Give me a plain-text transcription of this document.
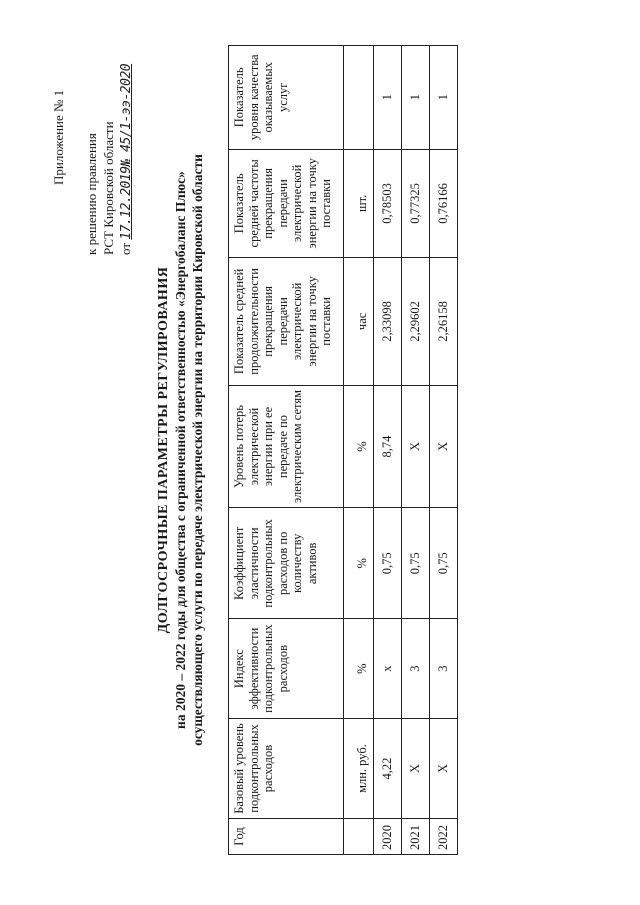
Приложение № 1 к решению правления РСТ Кировской области от 17.12.2019№ 45/1-ээ-2020
ДОЛГОСРОЧНЫЕ ПАРАМЕТРЫ РЕГУЛИРОВАНИЯ на 2020 – 2022 годы для общества с ограниченной ответственностью «Энергобаланс Плюс» осуществляющего услуги по передаче электрической энергии на территории Кировской области
Год	Базовый уровень подконтрольных расходов	Индекс эффективности подконтрольных расходов	Коэффициент эластичности подконтрольных расходов по количеству активов	Уровень потерь электрической энергии при ее передаче по электрическим сетям	Показатель средней продолжительности прекращения передачи электрической энергии на точку поставки	Показатель средней частоты прекращения передачи электрической энергии на точку поставки	Показатель уровня качества оказываемых услуг
	млн. руб.	%	%	%	час	шт.	
2020	4,22	х	0,75	8,74	2,33098	0,78503	1
2021	Х	3	0,75	Х	2,29602	0,77325	1
2022	Х	3	0,75	Х	2,26158	0,76166	1
